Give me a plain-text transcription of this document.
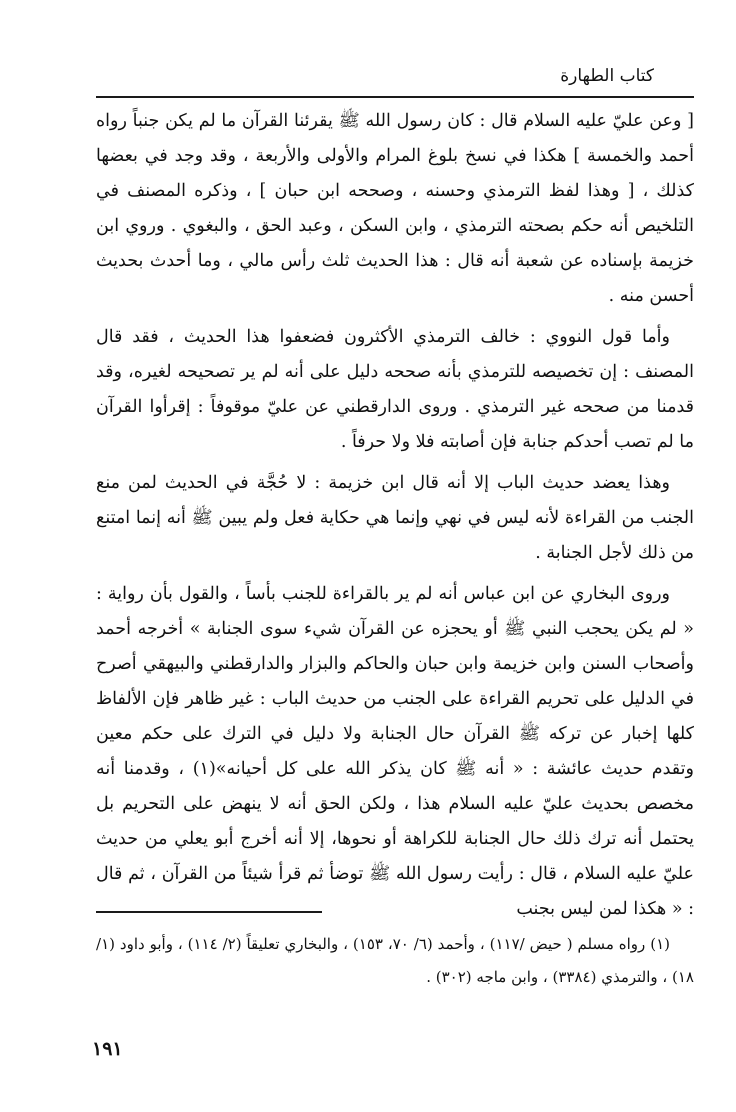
كتاب الطهارة

[ وعن عليّ عليه السلام قال : كان رسول الله ﷺ يقرئنا القرآن ما لم يكن جنباً رواه أحمد والخمسة ] هكذا في نسخ بلوغ المرام والأولى والأربعة ، وقد وجد في بعضها كذلك ، [ وهذا لفظ الترمذي وحسنه ، وصححه ابن حبان ] ، وذكره المصنف في التلخيص أنه حكم بصحته الترمذي ، وابن السكن ، وعبد الحق ، والبغوي . وروي ابن خزيمة بإسناده عن شعبة أنه قال : هذا الحديث ثلث رأس مالي ، وما أحدث بحديث أحسن منه .

وأما قول النووي : خالف الترمذي الأكثرون فضعفوا هذا الحديث ، فقد قال المصنف : إن تخصيصه للترمذي بأنه صححه دليل على أنه لم ير تصحيحه لغيره، وقد قدمنا من صححه غير الترمذي . وروى الدارقطني عن عليّ موقوفاً : إقرأوا القرآن ما لم تصب أحدكم جنابة فإن أصابته فلا ولا حرفاً .

وهذا يعضد حديث الباب إلا أنه قال ابن خزيمة : لا حُجَّة في الحديث لمن منع الجنب من القراءة لأنه ليس في نهي وإنما هي حكاية فعل ولم يبين ﷺ أنه إنما امتنع من ذلك لأجل الجنابة .

وروى البخاري عن ابن عباس أنه لم ير بالقراءة للجنب بأساً ، والقول بأن رواية : « لم يكن يحجب النبي ﷺ أو يحجزه عن القرآن شيء سوى الجنابة » أخرجه أحمد وأصحاب السنن وابن خزيمة وابن حبان والحاكم والبزار والدارقطني والبيهقي أصرح في الدليل على تحريم القراءة على الجنب من حديث الباب : غير ظاهر فإن الألفاظ كلها إخبار عن تركه ﷺ القرآن حال الجنابة ولا دليل في الترك على حكم معين وتقدم حديث عائشة : « أنه ﷺ كان يذكر الله على كل أحيانه»(١) ، وقدمنا أنه مخصص بحديث عليّ عليه السلام هذا ، ولكن الحق أنه لا ينهض على التحريم بل يحتمل أنه ترك ذلك حال الجنابة للكراهة أو نحوها، إلا أنه أخرج أبو يعلي من حديث عليّ عليه السلام ، قال : رأيت رسول الله ﷺ توضأ ثم قرأ شيئاً من القرآن ، ثم قال : « هكذا لمن ليس بجنب

(١) رواه مسلم ( حيض /١١٧) ، وأحمد (٦/ ٧٠، ١٥٣) ، والبخاري تعليقاً (٢/ ١١٤) ، وأبو داود (١/ ١٨) ، والترمذي (٣٣٨٤) ، وابن ماجه (٣٠٢) .
١٩١
